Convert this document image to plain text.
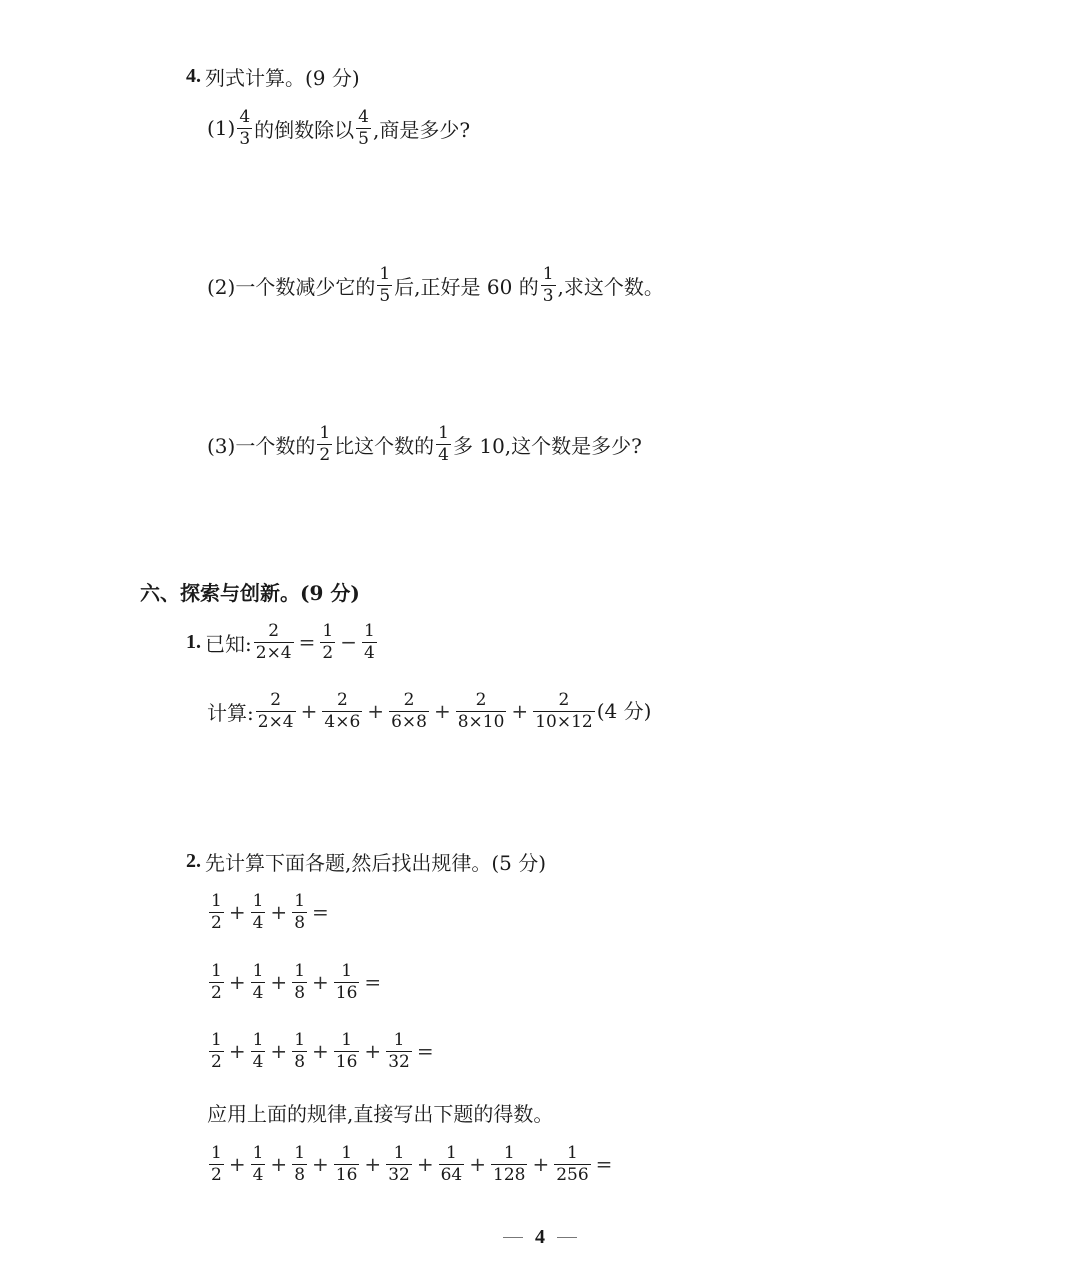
4. 列式计算。(9 分)
$(1) \frac{4}{3}$ 的倒数除以 $\frac{4}{5}$ ,商是多少?
(2)一个数减少它的 $\frac{1}{5}$ 后,正好是 60 的 $\frac{1}{3}$ ,求这个数。
(3)一个数的 $\frac{1}{2}$ 比这个数的 $\frac{1}{4}$ 多 10,这个数是多少?
六、探索与创新。(9 分)
1. 已知: $\frac{2}{2\times 4} = \frac{1}{2} - \frac{1}{4}$
计算: $\frac{2}{2\times 4} + \frac{2}{4\times 6} + \frac{2}{6\times 8} + \frac{2}{8\times 10} + \frac{2}{10\times 12} (4$ 分)
2. 先计算下面各题,然后找出规律。(5 分)
$\frac{1}{2} + \frac{1}{4} + \frac{1}{8}$ =
$\frac{1}{2} + \frac{1}{4} + \frac{1}{8} + \frac{1}{16}$ =
$\frac{1}{2} + \frac{1}{4} + \frac{1}{8} + \frac{1}{16} + \frac{1}{32}$ =
应用上面的规律,直接写出下题的得数。
$\frac{1}{2} + \frac{1}{4} + \frac{1}{8} + \frac{1}{16} + \frac{1}{32} + \frac{1}{64} + \frac{1}{128} + \frac{1}{256}$ =
4
